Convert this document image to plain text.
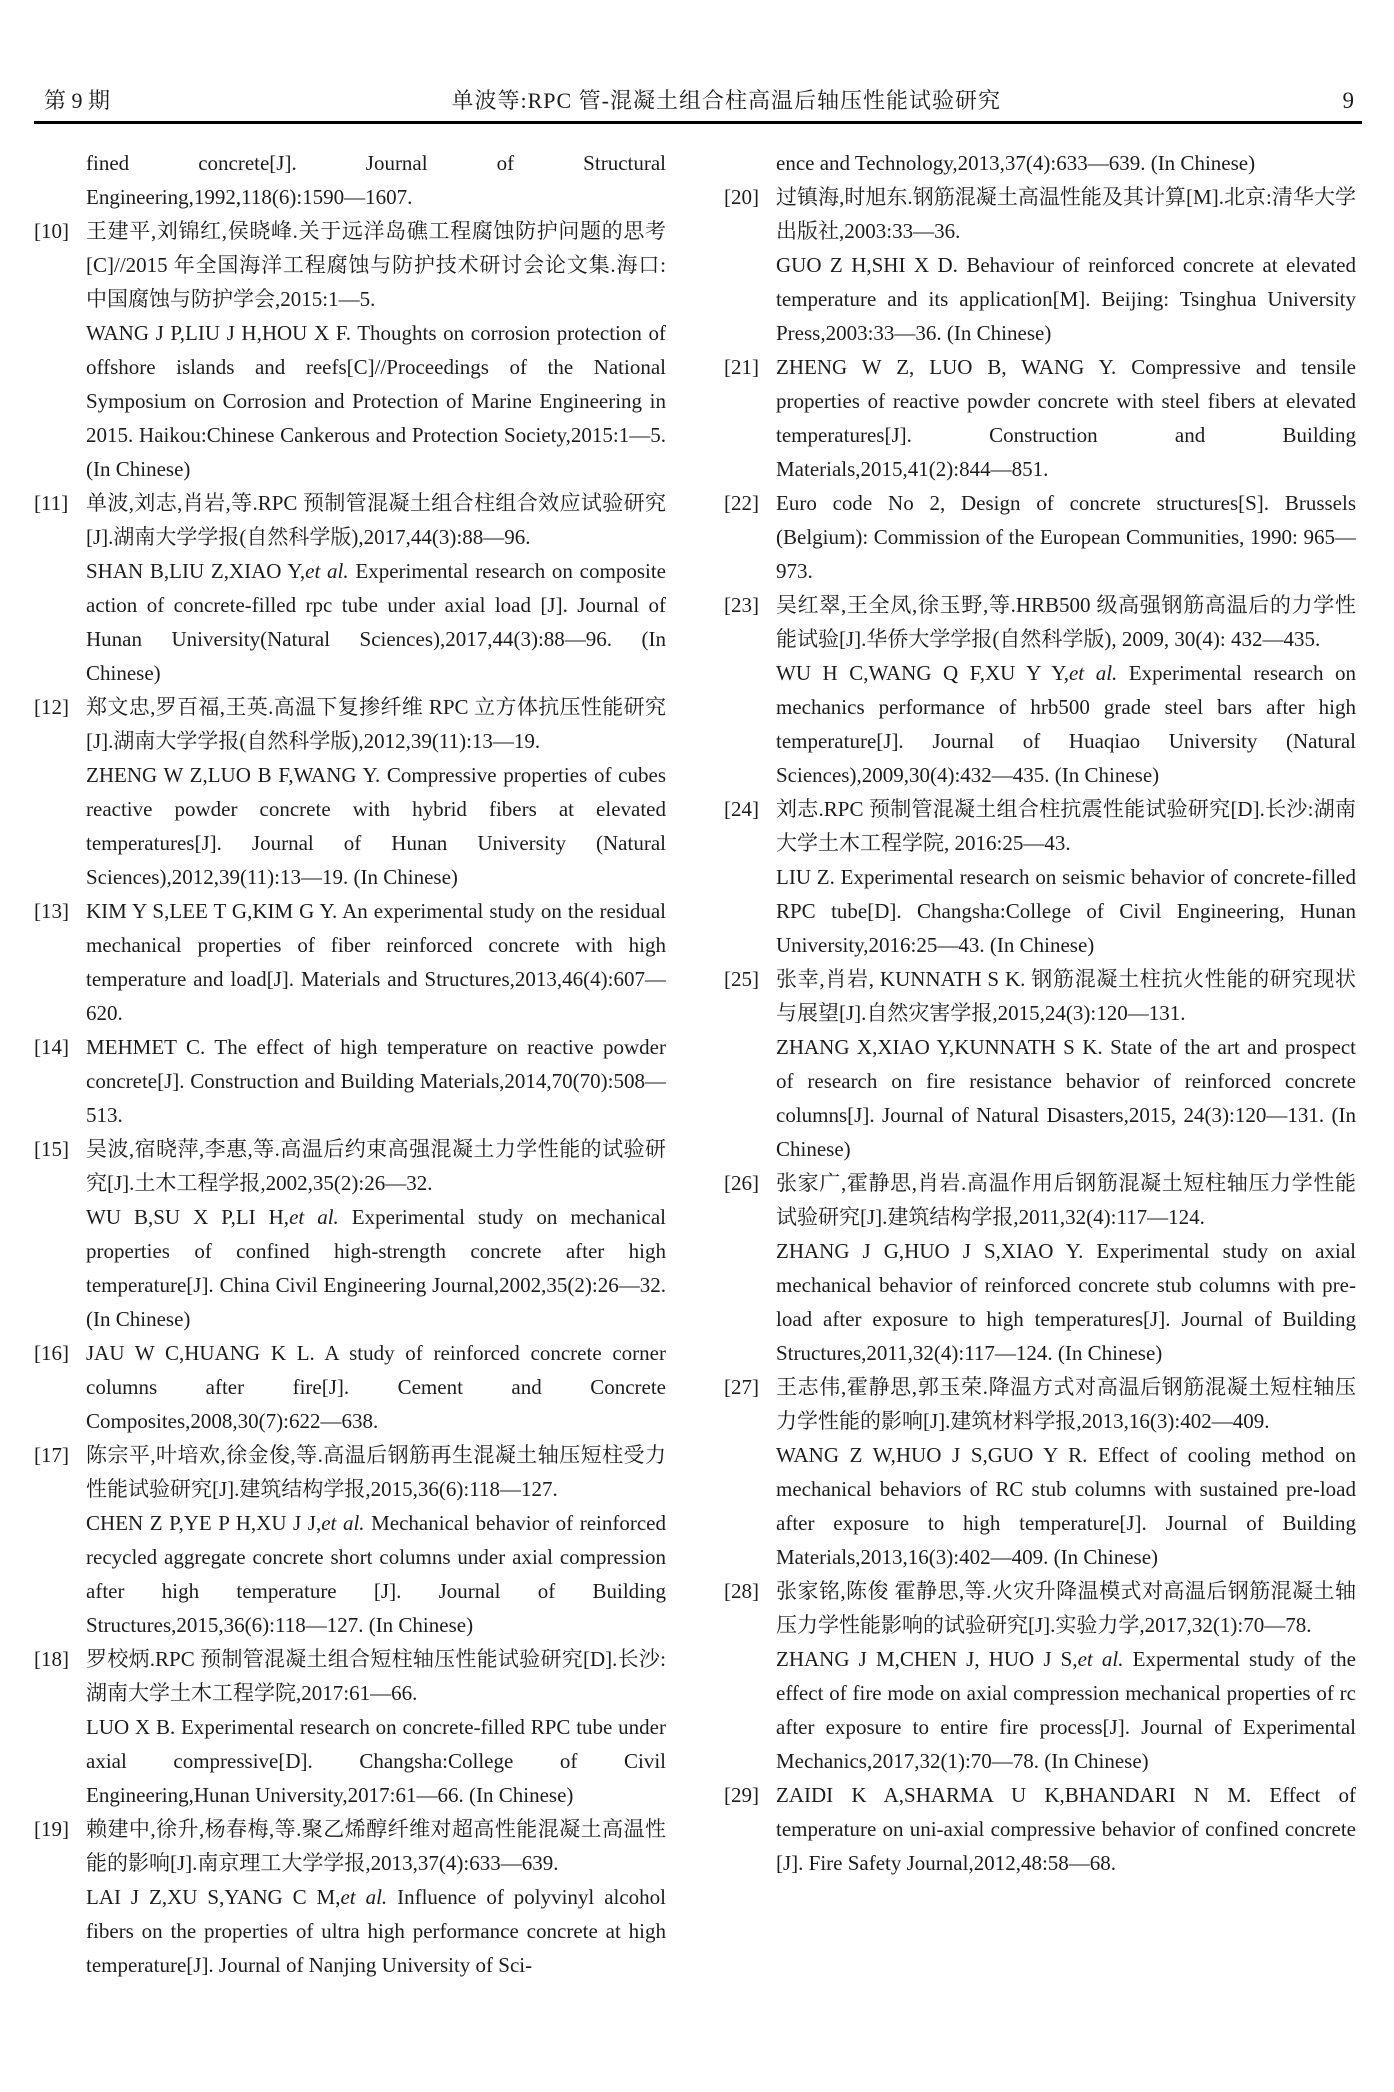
第 9 期	单波等:RPC 管-混凝土组合柱高温后轴压性能试验研究	9

fined concrete[J]. Journal of Structural Engineering,1992,118(6):1590—1607.

[10] 王建平,刘锦红,侯晓峰.关于远洋岛礁工程腐蚀防护问题的思考[C]//2015 年全国海洋工程腐蚀与防护技术研讨会论文集.海口:中国腐蚀与防护学会,2015:1—5.

WANG J P,LIU J H,HOU X F. Thoughts on corrosion protection of offshore islands and reefs[C]//Proceedings of the National Symposium on Corrosion and Protection of Marine Engineering in 2015. Haikou:Chinese Cankerous and Protection Society,2015:1—5. (In Chinese)

[11] 单波,刘志,肖岩,等.RPC 预制管混凝土组合柱组合效应试验研究[J].湖南大学学报(自然科学版),2017,44(3):88—96.

SHAN B,LIU Z,XIAO Y,et al. Experimental research on composite action of concrete-filled rpc tube under axial load [J]. Journal of Hunan University(Natural Sciences),2017,44(3):88—96. (In Chinese)

[12] 郑文忠,罗百福,王英.高温下复掺纤维 RPC 立方体抗压性能研究[J].湖南大学学报(自然科学版),2012,39(11):13—19.

ZHENG W Z,LUO B F,WANG Y. Compressive properties of cubes reactive powder concrete with hybrid fibers at elevated temperatures[J]. Journal of Hunan University (Natural Sciences),2012,39(11):13—19. (In Chinese)

[13] KIM Y S,LEE T G,KIM G Y. An experimental study on the residual mechanical properties of fiber reinforced concrete with high temperature and load[J]. Materials and Structures,2013,46(4):607—620.

[14] MEHMET C. The effect of high temperature on reactive powder concrete[J]. Construction and Building Materials,2014,70(70):508—513.

[15] 吴波,宿晓萍,李惠,等.高温后约束高强混凝土力学性能的试验研究[J].土木工程学报,2002,35(2):26—32.

WU B,SU X P,LI H,et al. Experimental study on mechanical properties of confined high-strength concrete after high temperature[J]. China Civil Engineering Journal,2002,35(2):26—32. (In Chinese)

[16] JAU W C,HUANG K L. A study of reinforced concrete corner columns after fire[J]. Cement and Concrete Composites,2008,30(7):622—638.

[17] 陈宗平,叶培欢,徐金俊,等.高温后钢筋再生混凝土轴压短柱受力性能试验研究[J].建筑结构学报,2015,36(6):118—127.

CHEN Z P,YE P H,XU J J,et al. Mechanical behavior of reinforced recycled aggregate concrete short columns under axial compression after high temperature [J]. Journal of Building Structures,2015,36(6):118—127. (In Chinese)

[18] 罗校炳.RPC 预制管混凝土组合短柱轴压性能试验研究[D].长沙:湖南大学土木工程学院,2017:61—66.

LUO X B. Experimental research on concrete-filled RPC tube under axial compressive[D]. Changsha:College of Civil Engineering,Hunan University,2017:61—66. (In Chinese)

[19] 赖建中,徐升,杨春梅,等.聚乙烯醇纤维对超高性能混凝土高温性能的影响[J].南京理工大学学报,2013,37(4):633—639.

LAI J Z,XU S,YANG C M,et al. Influence of polyvinyl alcohol fibers on the properties of ultra high performance concrete at high temperature[J]. Journal of Nanjing University of Sci-

ence and Technology,2013,37(4):633—639. (In Chinese)

[20] 过镇海,时旭东.钢筋混凝土高温性能及其计算[M].北京:清华大学出版社,2003:33—36.

GUO Z H,SHI X D. Behaviour of reinforced concrete at elevated temperature and its application[M]. Beijing: Tsinghua University Press,2003:33—36. (In Chinese)

[21] ZHENG W Z, LUO B, WANG Y. Compressive and tensile properties of reactive powder concrete with steel fibers at elevated temperatures[J]. Construction and Building Materials,2015,41(2):844—851.

[22] Euro code No 2, Design of concrete structures[S]. Brussels (Belgium): Commission of the European Communities, 1990: 965—973.

[23] 吴红翠,王全凤,徐玉野,等.HRB500 级高强钢筋高温后的力学性能试验[J].华侨大学学报(自然科学版), 2009, 30(4): 432—435.

WU H C,WANG Q F,XU Y Y,et al. Experimental research on mechanics performance of hrb500 grade steel bars after high temperature[J]. Journal of Huaqiao University (Natural Sciences),2009,30(4):432—435. (In Chinese)

[24] 刘志.RPC 预制管混凝土组合柱抗震性能试验研究[D].长沙:湖南大学土木工程学院, 2016:25—43.

LIU Z. Experimental research on seismic behavior of concrete-filled RPC tube[D]. Changsha:College of Civil Engineering, Hunan University,2016:25—43. (In Chinese)

[25] 张幸,肖岩, KUNNATH S K. 钢筋混凝土柱抗火性能的研究现状与展望[J].自然灾害学报,2015,24(3):120—131.

ZHANG X,XIAO Y,KUNNATH S K. State of the art and prospect of research on fire resistance behavior of reinforced concrete columns[J]. Journal of Natural Disasters,2015, 24(3):120—131. (In Chinese)

[26] 张家广,霍静思,肖岩.高温作用后钢筋混凝土短柱轴压力学性能试验研究[J].建筑结构学报,2011,32(4):117—124.

ZHANG J G,HUO J S,XIAO Y. Experimental study on axial mechanical behavior of reinforced concrete stub columns with pre-load after exposure to high temperatures[J]. Journal of Building Structures,2011,32(4):117—124. (In Chinese)

[27] 王志伟,霍静思,郭玉荣.降温方式对高温后钢筋混凝土短柱轴压力学性能的影响[J].建筑材料学报,2013,16(3):402—409.

WANG Z W,HUO J S,GUO Y R. Effect of cooling method on mechanical behaviors of RC stub columns with sustained pre-load after exposure to high temperature[J]. Journal of Building Materials,2013,16(3):402—409. (In Chinese)

[28] 张家铭,陈俊 霍静思,等.火灾升降温模式对高温后钢筋混凝土轴压力学性能影响的试验研究[J].实验力学,2017,32(1):70—78.

ZHANG J M,CHEN J, HUO J S,et al. Expermental study of the effect of fire mode on axial compression mechanical properties of rc after exposure to entire fire process[J]. Journal of Experimental Mechanics,2017,32(1):70—78. (In Chinese)

[29] ZAIDI K A,SHARMA U K,BHANDARI N M. Effect of temperature on uni-axial compressive behavior of confined concrete [J]. Fire Safety Journal,2012,48:58—68.
